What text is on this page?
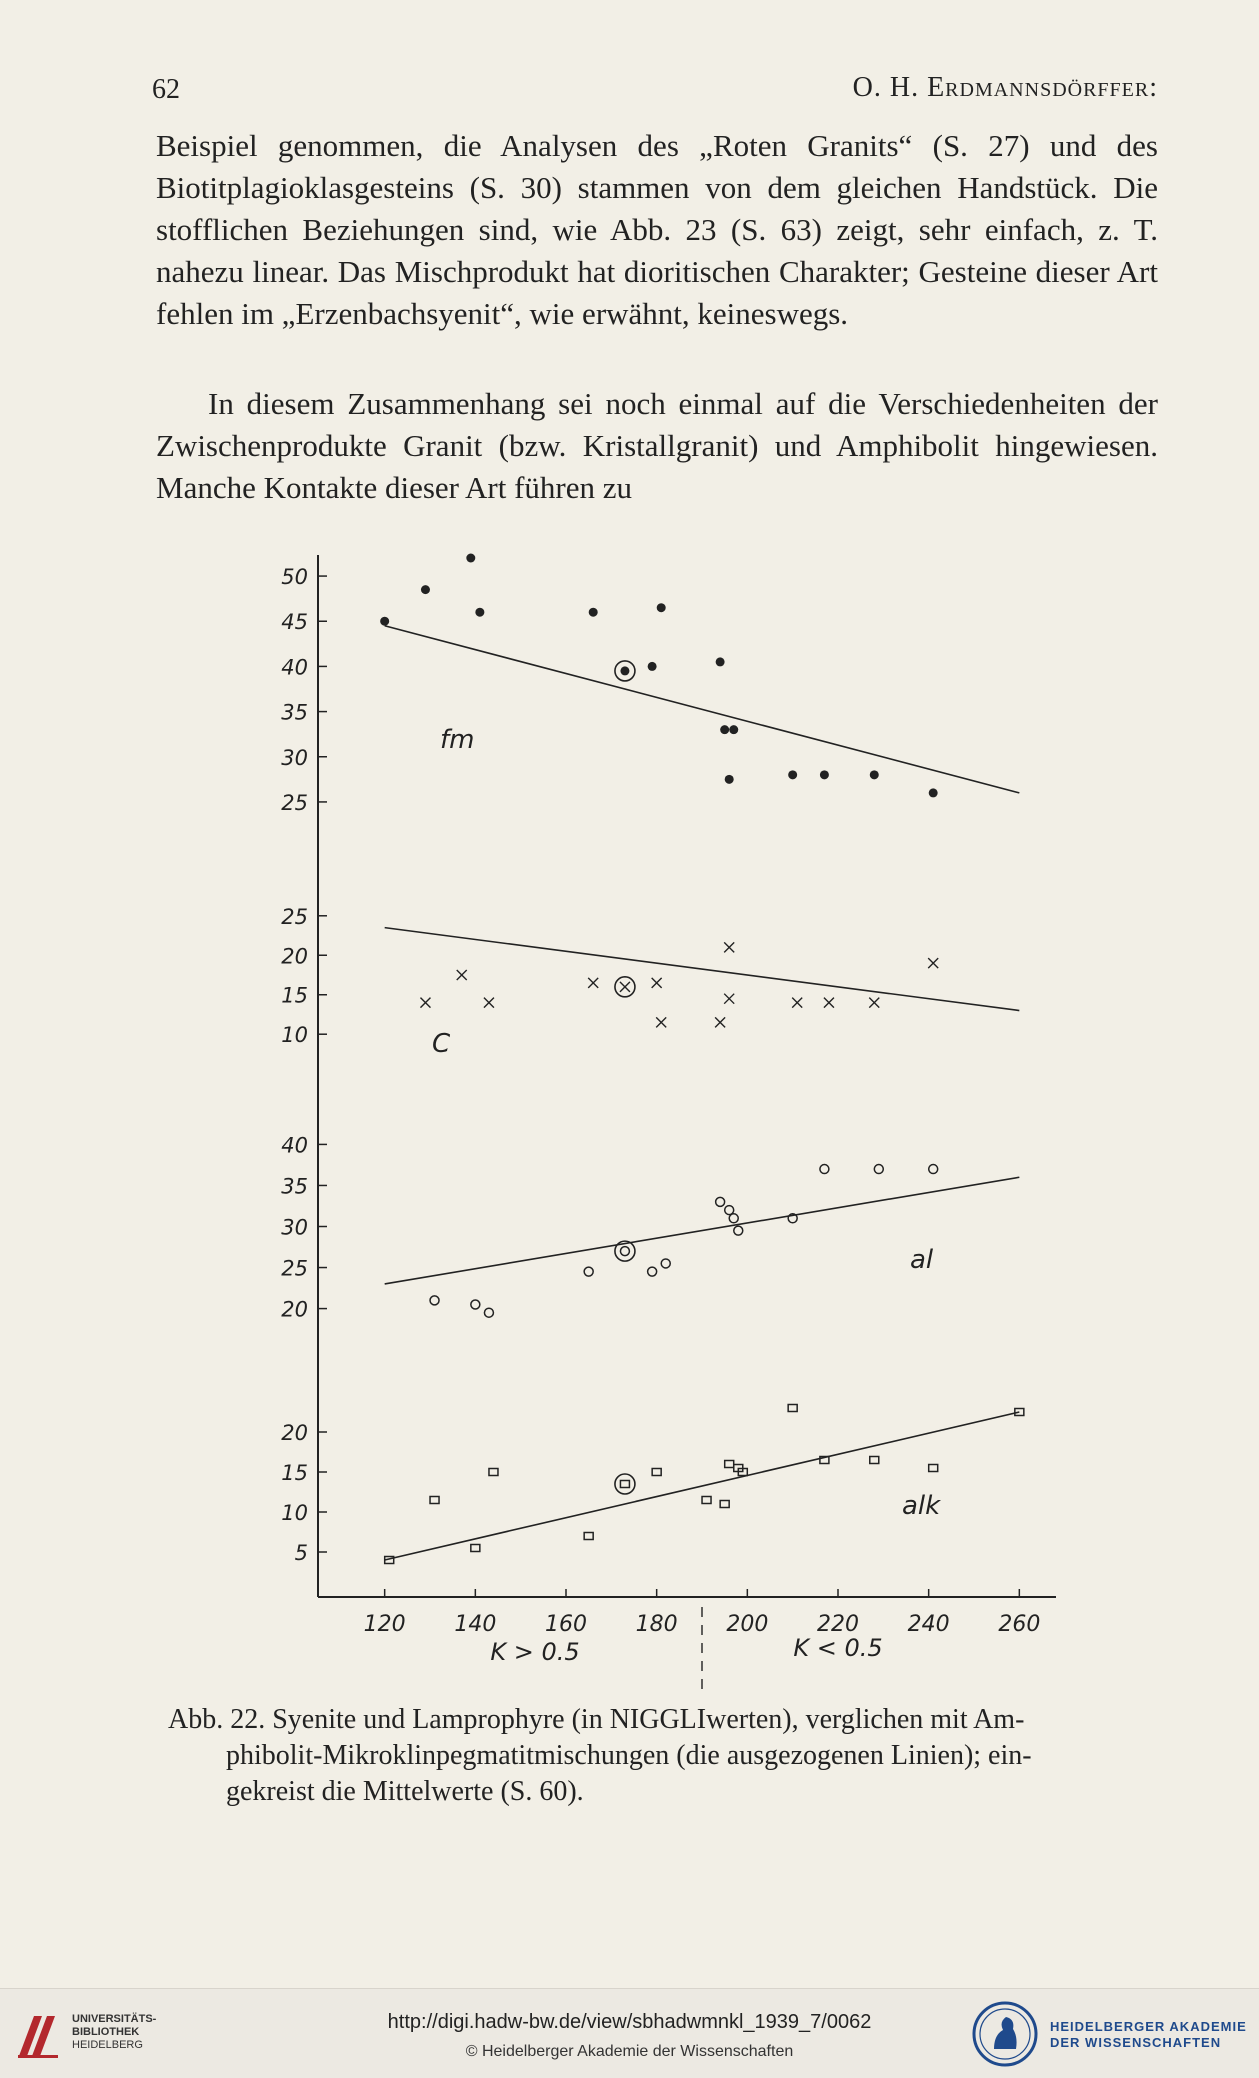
62	O. H. Erdmannsdörffer:
Beispiel genommen, die Analysen des „Roten Granits“ (S. 27) und des Biotitplagioklasgesteins (S. 30) stammen von dem gleichen Handstück. Die stofflichen Beziehungen sind, wie Abb. 23 (S. 63) zeigt, sehr einfach, z. T. nahezu linear. Das Mischprodukt hat dioritischen Charakter; Gesteine dieser Art fehlen im „Erzenbachsyenit“, wie erwähnt, keineswegs.
In diesem Zusammenhang sei noch einmal auf die Verschiedenheiten der Zwischenprodukte Granit (bzw. Kristallgranit) und Amphibolit hingewiesen. Manche Kontakte dieser Art führen zu
25
30
35
40
45
50
fm
10
15
20
25
C
20
25
30
35
40
al
5
10
15
20
alk
120 140 160 180 200 220 240 260
K > 0.5	K < 0.5
Abb. 22. Syenite und Lamprophyre (in NIGGLIwerten), verglichen mit Am-
phibolit-Mikroklinpegmatitmischungen (die ausgezogenen Linien); ein-
gekreist die Mittelwerte (S. 60).
UNIVERSITÄTS-
BIBLIOTHEK
HEIDELBERG
http://digi.hadw-bw.de/view/sbhadwmnkl_1939_7/0062
© Heidelberger Akademie der Wissenschaften
HEIDELBERGER AKADEMIE
DER WISSENSCHAFTEN
